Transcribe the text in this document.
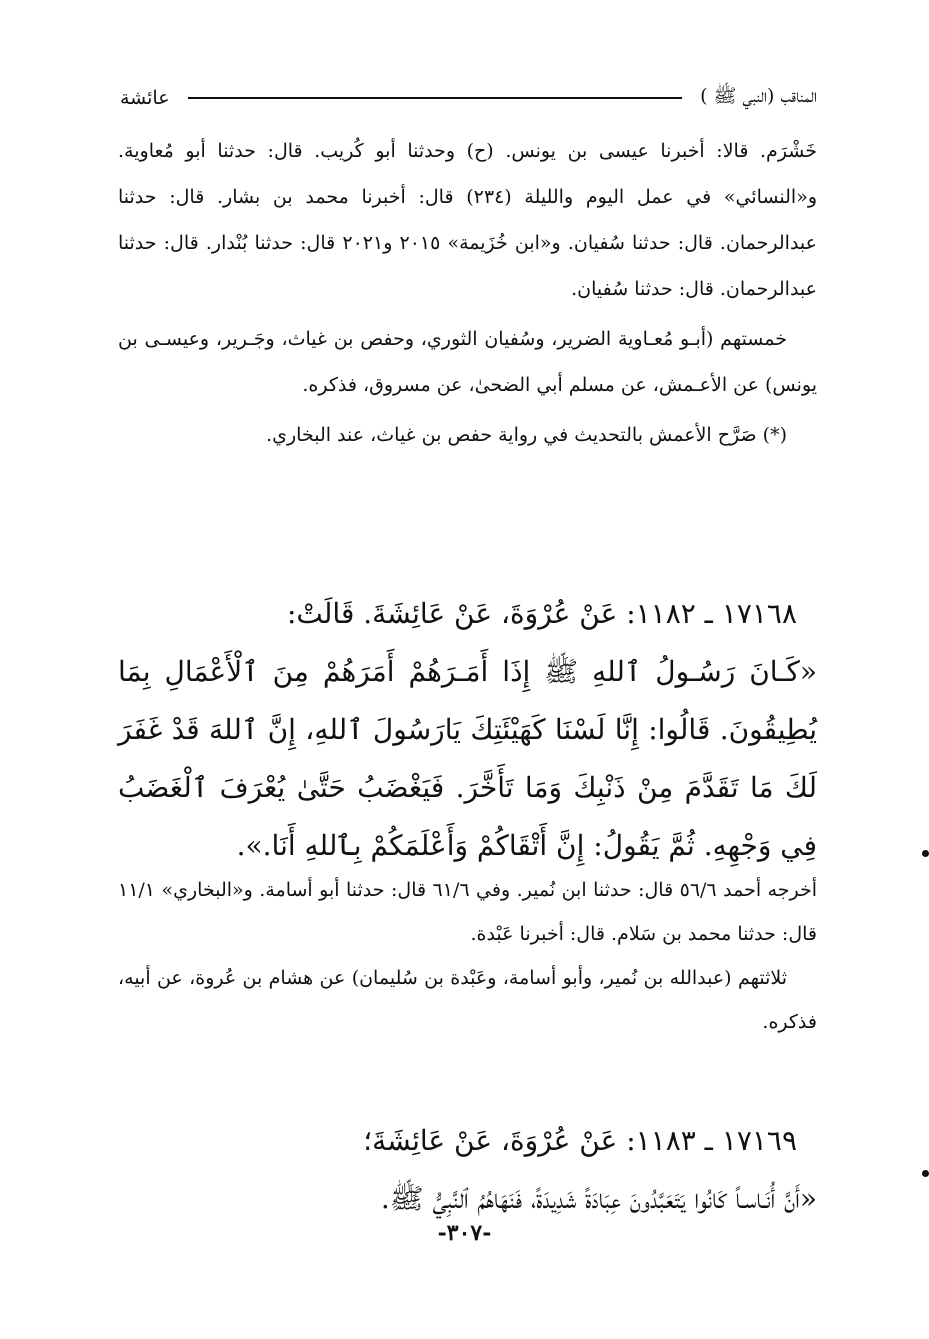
المناقب (النبي ﷺ )
عائشة

خَشْرَم. قالا: أخبرنا عيسى بن يونس. (ح) وحدثنا أبو كُريب. قال: حدثنا أبو مُعاوية. و«النسائي» في عمل اليوم والليلة (٢٣٤) قال: أخبرنا محمد بن بشار. قال: حدثنا عبدالرحمان. قال: حدثنا سُفيان. و«ابن خُزَيمة» ٢٠١٥ و٢٠٢١ قال: حدثنا بُنْدار. قال: حدثنا عبدالرحمان. قال: حدثنا سُفيان.

خمستهم (أبـو مُعـاوية الضرير، وسُفيان الثوري، وحفص بن غياث، وجَـرير، وعيسـى بن يونس) عن الأعـمش، عن مسلم أبي الضحىٰ، عن مسروق، فذكره.

(*) صَرَّح الأعمش بالتحديث في رواية حفص بن غياث، عند البخاري.

١٧١٦٨ ـ ١١٨٢: عَنْ عُرْوَةَ، عَنْ عَائِشَةَ. قَالَتْ:

«كَـانَ رَسُـولُ ٱللهِ ﷺ إِذَا أَمَـرَهُمْ أَمَرَهُمْ مِنَ ٱلْأَعْمَالِ بِمَا يُطِيقُونَ. قَالُوا: إِنَّا لَسْنَا كَهَيْئَتِكَ يَارَسُولَ ٱللهِ، إِنَّ ٱللهَ قَدْ غَفَرَ لَكَ مَا تَقَدَّمَ مِنْ ذَنْبِكَ وَمَا تَأَخَّرَ. فَيَغْضَبُ حَتَّىٰ يُعْرَفَ ٱلْغَضَبُ فِي وَجْهِهِ. ثُمَّ يَقُولُ: إِنَّ أَتْقَاكُمْ وَأَعْلَمَكُمْ بِٱللهِ أَنَا.».

أخرجه أحمد ٥٦/٦ قال: حدثنا ابن نُمير. وفي ٦١/٦ قال: حدثنا أبو أسامة. و«البخاري» ١١/١ قال: حدثنا محمد بن سَلام. قال: أخبرنا عَبْدة.

ثلاثتهم (عبدالله بن نُمير، وأبو أسامة، وعَبْدة بن سُليمان) عن هشام بن عُروة، عن أبيه، فذكره.

١٧١٦٩ ـ ١١٨٣: عَنْ عُرْوَةَ، عَنْ عَائِشَةَ؛

«أَنَّ أُنَـاسـاً كَانُوا يَتَعَبَّدُونَ عِبَادَةً شَدِيدَةً، فَنَهَاهُمُ ٱلنَّبِيُّ ﷺ.

-٣٠٧-
